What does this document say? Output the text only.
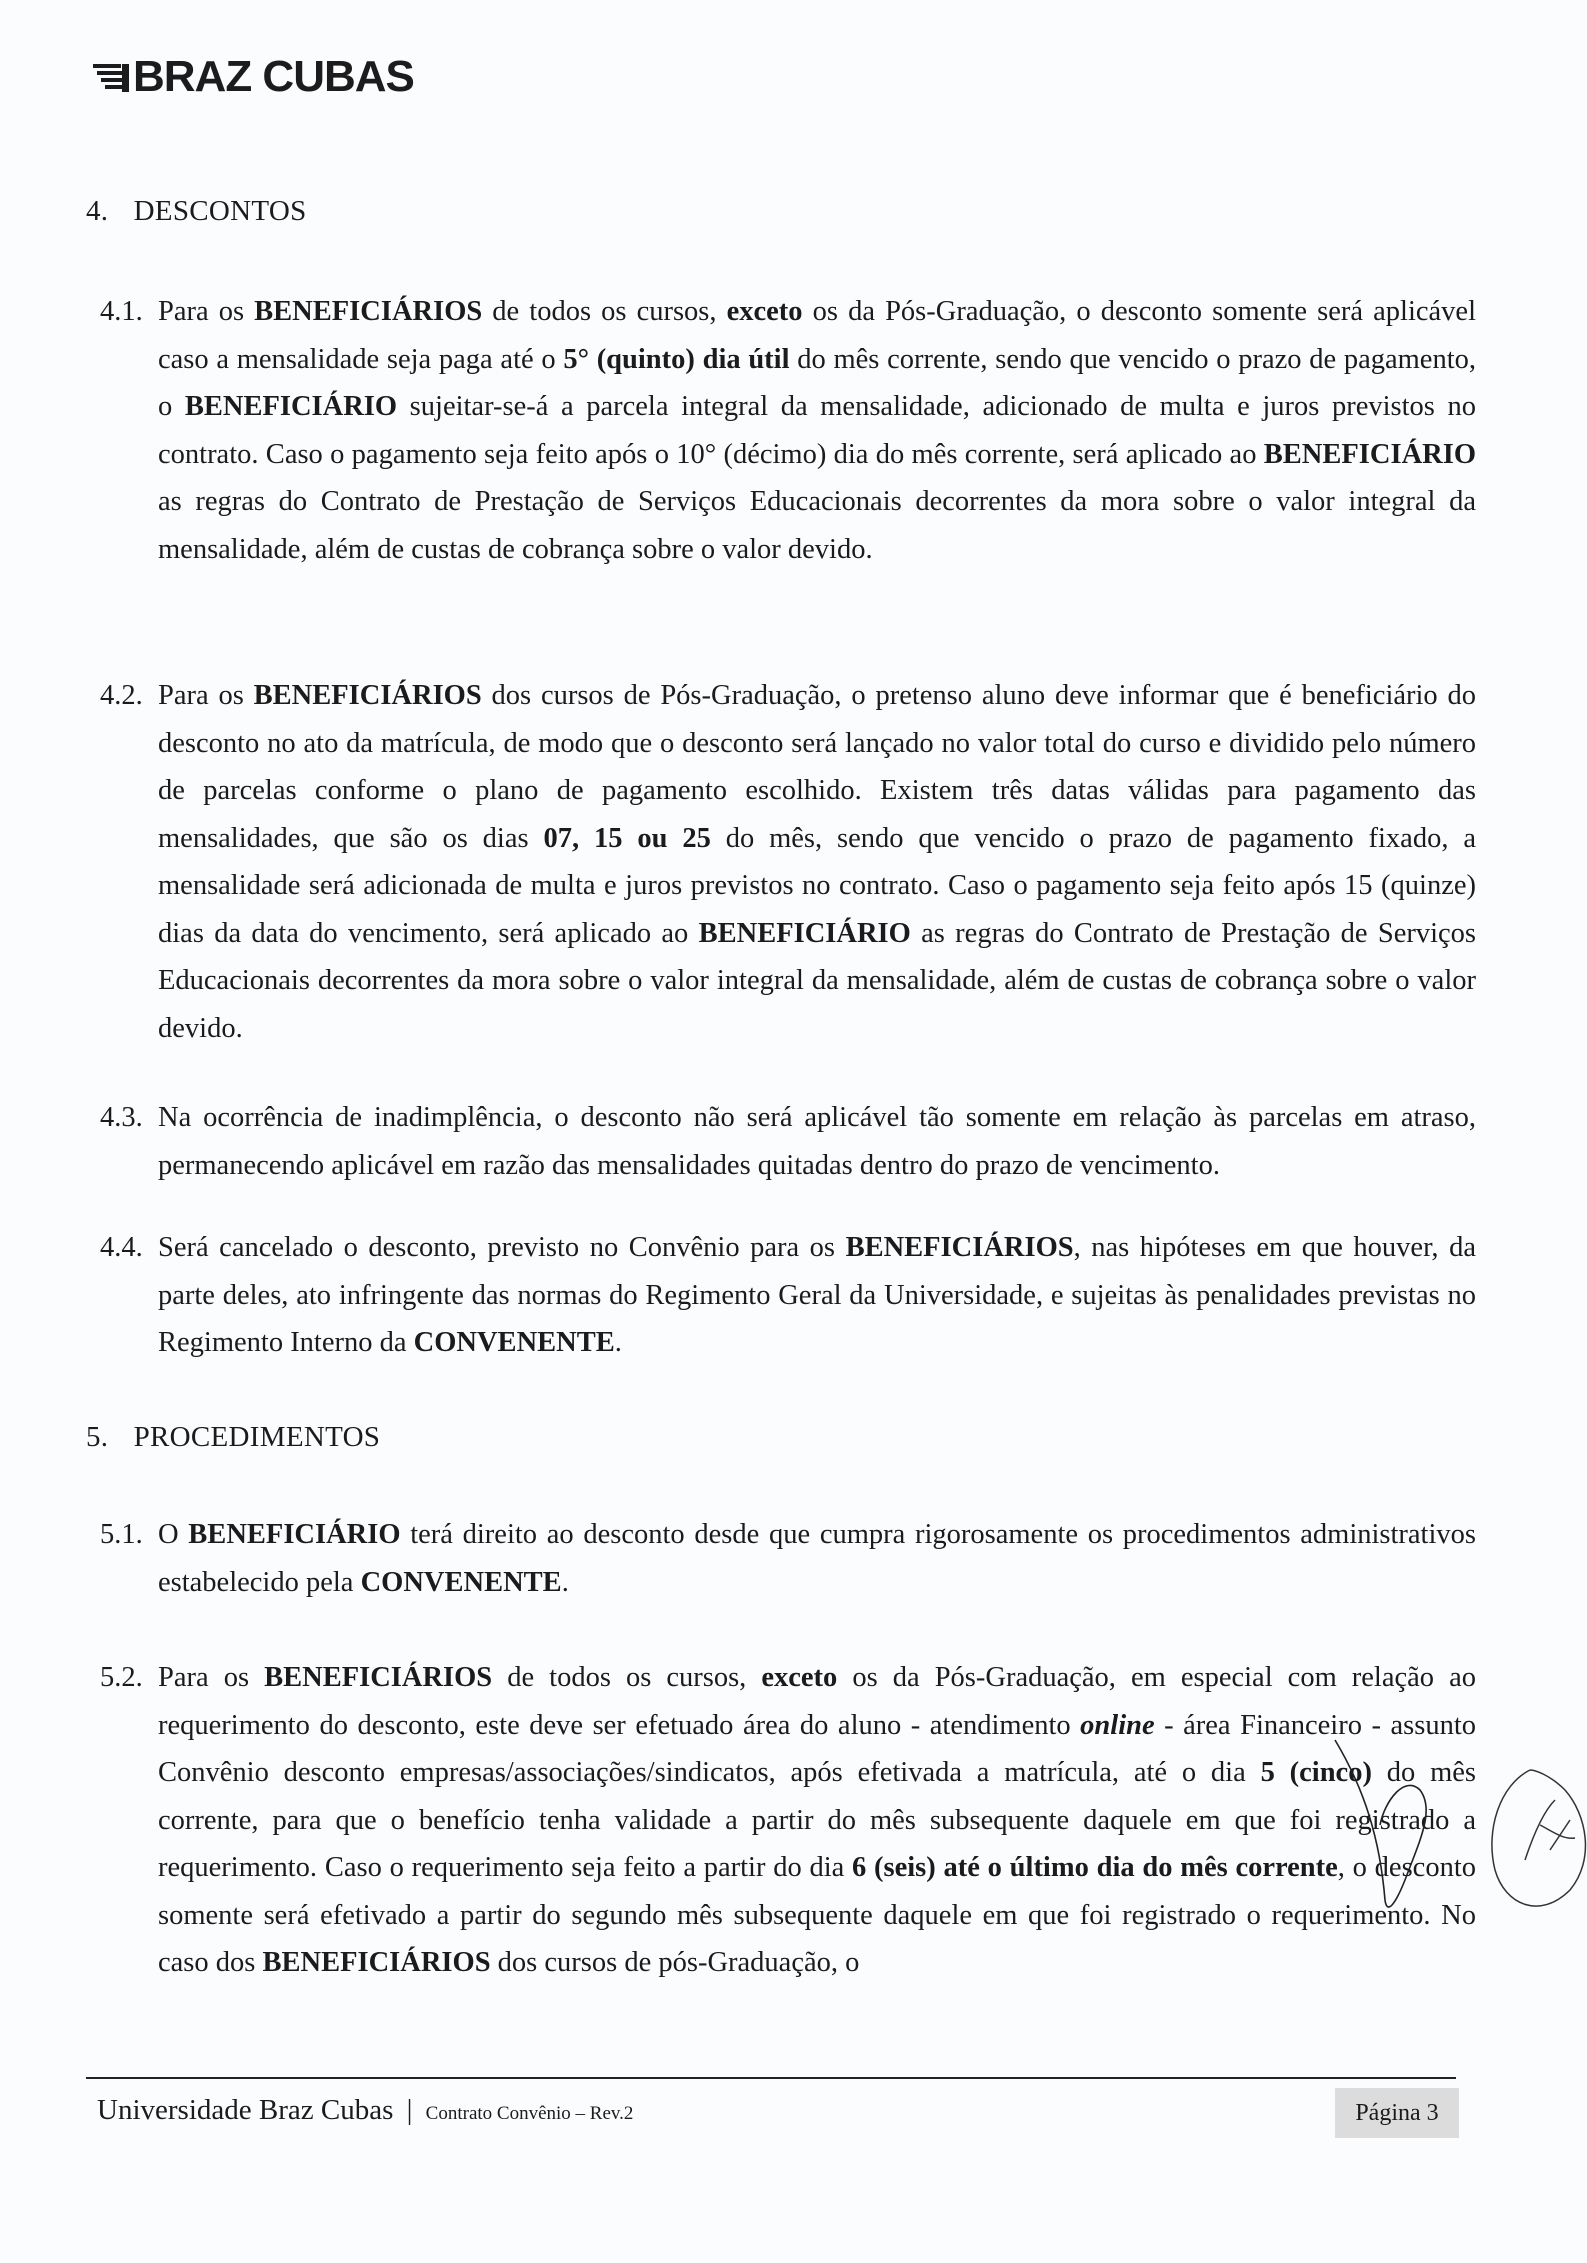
BRAZ CUBAS
4. DESCONTOS
4.1. Para os BENEFICIÁRIOS de todos os cursos, exceto os da Pós-Graduação, o desconto somente será aplicável caso a mensalidade seja paga até o 5° (quinto) dia útil do mês corrente, sendo que vencido o prazo de pagamento, o BENEFICIÁRIO sujeitar-se-á a parcela integral da mensalidade, adicionado de multa e juros previstos no contrato. Caso o pagamento seja feito após o 10° (décimo) dia do mês corrente, será aplicado ao BENEFICIÁRIO as regras do Contrato de Prestação de Serviços Educacionais decorrentes da mora sobre o valor integral da mensalidade, além de custas de cobrança sobre o valor devido.
4.2. Para os BENEFICIÁRIOS dos cursos de Pós-Graduação, o pretenso aluno deve informar que é beneficiário do desconto no ato da matrícula, de modo que o desconto será lançado no valor total do curso e dividido pelo número de parcelas conforme o plano de pagamento escolhido. Existem três datas válidas para pagamento das mensalidades, que são os dias 07, 15 ou 25 do mês, sendo que vencido o prazo de pagamento fixado, a mensalidade será adicionada de multa e juros previstos no contrato. Caso o pagamento seja feito após 15 (quinze) dias da data do vencimento, será aplicado ao BENEFICIÁRIO as regras do Contrato de Prestação de Serviços Educacionais decorrentes da mora sobre o valor integral da mensalidade, além de custas de cobrança sobre o valor devido.
4.3. Na ocorrência de inadimplência, o desconto não será aplicável tão somente em relação às parcelas em atraso, permanecendo aplicável em razão das mensalidades quitadas dentro do prazo de vencimento.
4.4. Será cancelado o desconto, previsto no Convênio para os BENEFICIÁRIOS, nas hipóteses em que houver, da parte deles, ato infringente das normas do Regimento Geral da Universidade, e sujeitas às penalidades previstas no Regimento Interno da CONVENENTE.
5. PROCEDIMENTOS
5.1. O BENEFICIÁRIO terá direito ao desconto desde que cumpra rigorosamente os procedimentos administrativos estabelecido pela CONVENENTE.
5.2. Para os BENEFICIÁRIOS de todos os cursos, exceto os da Pós-Graduação, em especial com relação ao requerimento do desconto, este deve ser efetuado área do aluno - atendimento online - área Financeiro - assunto Convênio desconto empresas/associações/sindicatos, após efetivada a matrícula, até o dia 5 (cinco) do mês corrente, para que o benefício tenha validade a partir do mês subsequente daquele em que foi registrado a requerimento. Caso o requerimento seja feito a partir do dia 6 (seis) até o último dia do mês corrente, o desconto somente será efetivado a partir do segundo mês subsequente daquele em que foi registrado o requerimento. No caso dos BENEFICIÁRIOS dos cursos de pós-Graduação, o
Universidade Braz Cubas | Contrato Convênio – Rev.2	Página 3
